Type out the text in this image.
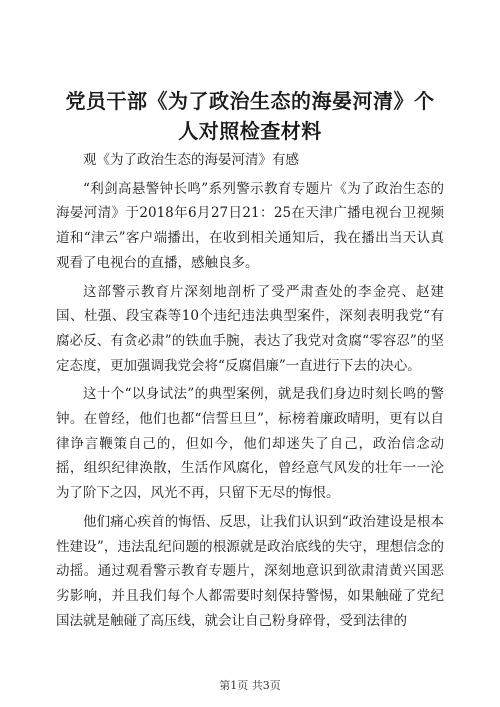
党员干部《为了政治生态的海晏河清》个人对照检查材料

观《为了政治生态的海晏河清》有感

“利剑高悬警钟长鸣”系列警示教育专题片《为了政治生态的海晏河清》于2018年6月27日21：25在天津广播电视台卫视频道和“津云”客户端播出，在收到相关通知后，我在播出当天认真观看了电视台的直播，感触良多。

这部警示教育片深刻地剖析了受严肃查处的李金亮、赵建国、杜强、段宝森等10个违纪违法典型案件，深刻表明我党“有腐必反、有贪必肃”的铁血手腕，表达了我党对贪腐“零容忍”的坚定态度，更加强调我党会将“反腐倡廉”一直进行下去的决心。

这十个“以身试法”的典型案例，就是我们身边时刻长鸣的警钟。在曾经，他们也都“信誓旦旦”，标榜着廉政晴明，更有以自律诤言鞭策自己的，但如今，他们却迷失了自己，政治信念动摇，组织纪律涣散，生活作风腐化，曾经意气风发的壮年一一沦为了阶下之囚，风光不再，只留下无尽的悔恨。

他们痛心疾首的悔悟、反思，让我们认识到“政治建设是根本性建设”，违法乱纪问题的根源就是政治底线的失守，理想信念的动摇。通过观看警示教育专题片，深刻地意识到欲肃清黄兴国恶劣影响，并且我们每个人都需要时刻保持警惕，如果触碰了党纪国法就是触碰了高压线，就会让自己粉身碎骨，受到法律的

第1页 共3页
